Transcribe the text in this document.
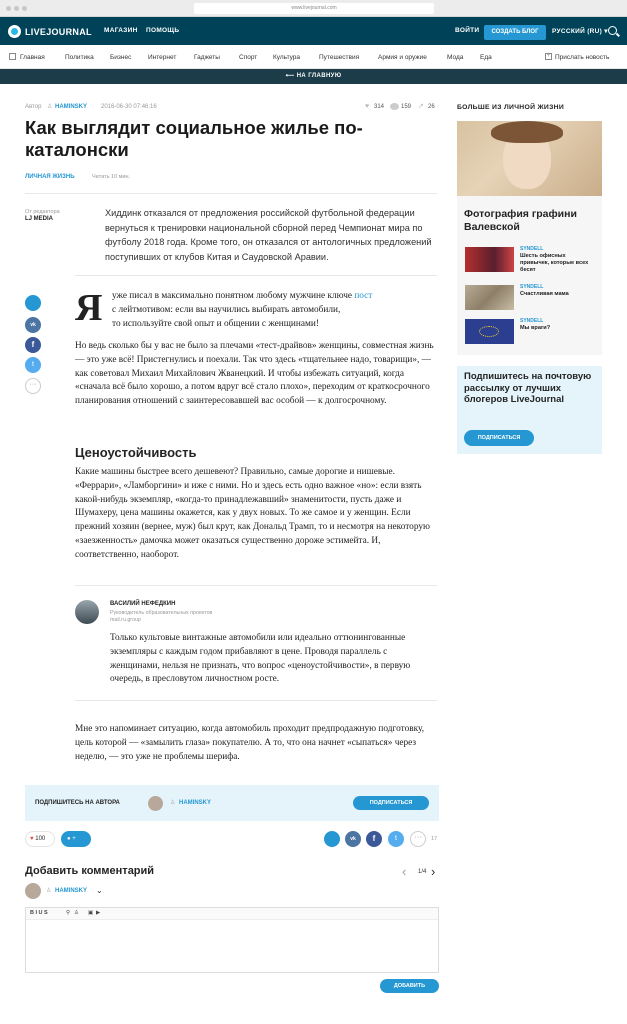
www.livejournal.com
LIVEJOURNAL МАГАЗИН ПОМОЩЬ	ВОЙТИ	СОЗДАТЬ БЛОГ	РУССКИЙ (RU) ▾
Главная	Политика Бизнес	Интернет	Гаджеты	Спорт Культура	Путешествия	Армия и оружие	Мода	Еда	+ Прислать новость
⟵ НА ГЛАВНУЮ
Автор ♙ HAMINSKY 2016-06-30 07:46:16	♥ 314	159 ↗ 26
Как выглядит социальное жилье по-каталонски
ЛИЧНАЯ ЖИЗНЬ	Читать 10 мин.
От редактора
LJ MEDIA

Хиддинк отказался от предложения российской футбольной федерации вернуться к тренировки национальной сборной перед Чемпионат мира по футболу 2018 года. Кроме того, он отказался от антологичных предложений поступивших от клубов Китая и Саудовской Аравии.

vk
f
t
···
Я уже писал в максимально понятном любому мужчине ключе пост
с лейтмотивом: если вы научились выбирать автомобили,
то используйте свой опыт и общении с женщинами!

Но ведь сколько бы у вас не было за плечами «тест-драйвов» женщины, совместная жизнь — это уже всё! Пристегнулись и поехали. Так что здесь «тщательнее надо, товарищи», — как советовал Михаил Михайлович Жванецкий. И чтобы избежать ситуаций, когда «сначала всё было хорошо, а потом вдруг всё стало плохо», переходим от краткосрочного планирования отношений с заинтересовавшей вас особой — к долгосрочному.

Ценоустойчивость

Какие машины быстрее всего дешевеют? Правильно, самые дорогие и нишевые. «Феррари», «Ламборгини» и иже с ними. Но и здесь есть одно важное «но»: если взять какой-нибудь экземпляр, «когда-то принадлежавший» знаменитости, пусть даже и Шумахеру, цена машины окажется, как у двух новых. То же самое и у женщин. Если прежний хозяин (вернее, муж) был крут, как Дональд Трамп, то и несмотря на некоторую «заезженность» дамочка может оказаться существенно дороже эстимейта. И, соответственно, наоборот.

ВАСИЛИЙ НЕФЕДКИН
Руководитель образовательных проектов mail.ru.group

Только культовые винтажные автомобили или идеально оттюнингованные экземпляры с каждым годом прибавляют в цене. Проводя параллель с женщинами, нельзя не признать, что вопрос «ценоустойчивости», в первую очередь, в пресловутом личностном росте.

Мне это напоминает ситуацию, когда автомобиль проходит предпродажную подготовку, цель которой — «замылить глаза» покупателю. А то, что она начнет «сыпаться» через неделю, — это уже не проблемы шерифа.

ПОДПИШИТЕСЬ НА АВТОРА	♙ HAMINSKY	ПОДПИСАТЬСЯ
♥ 100	● +	vk	f	t	···	17
Добавить комментарий	‹ 1/4 ›
♙ HAMINSKY ⌄
B I U S	⚲ ♙ ▣ ▶
ДОБАВИТЬ
БОЛЬШЕ ИЗ ЛИЧНОЙ ЖИЗНИ
Фотография графини Валевской
SYNDELL
Шесть офисных привычек, которые всех бесят
SYNDELL
Счастливая мама
SYNDELL
Мы враги?
Подпишитесь на почтовую рассылку от лучших блогеров LiveJournal
ПОДПИСАТЬСЯ
